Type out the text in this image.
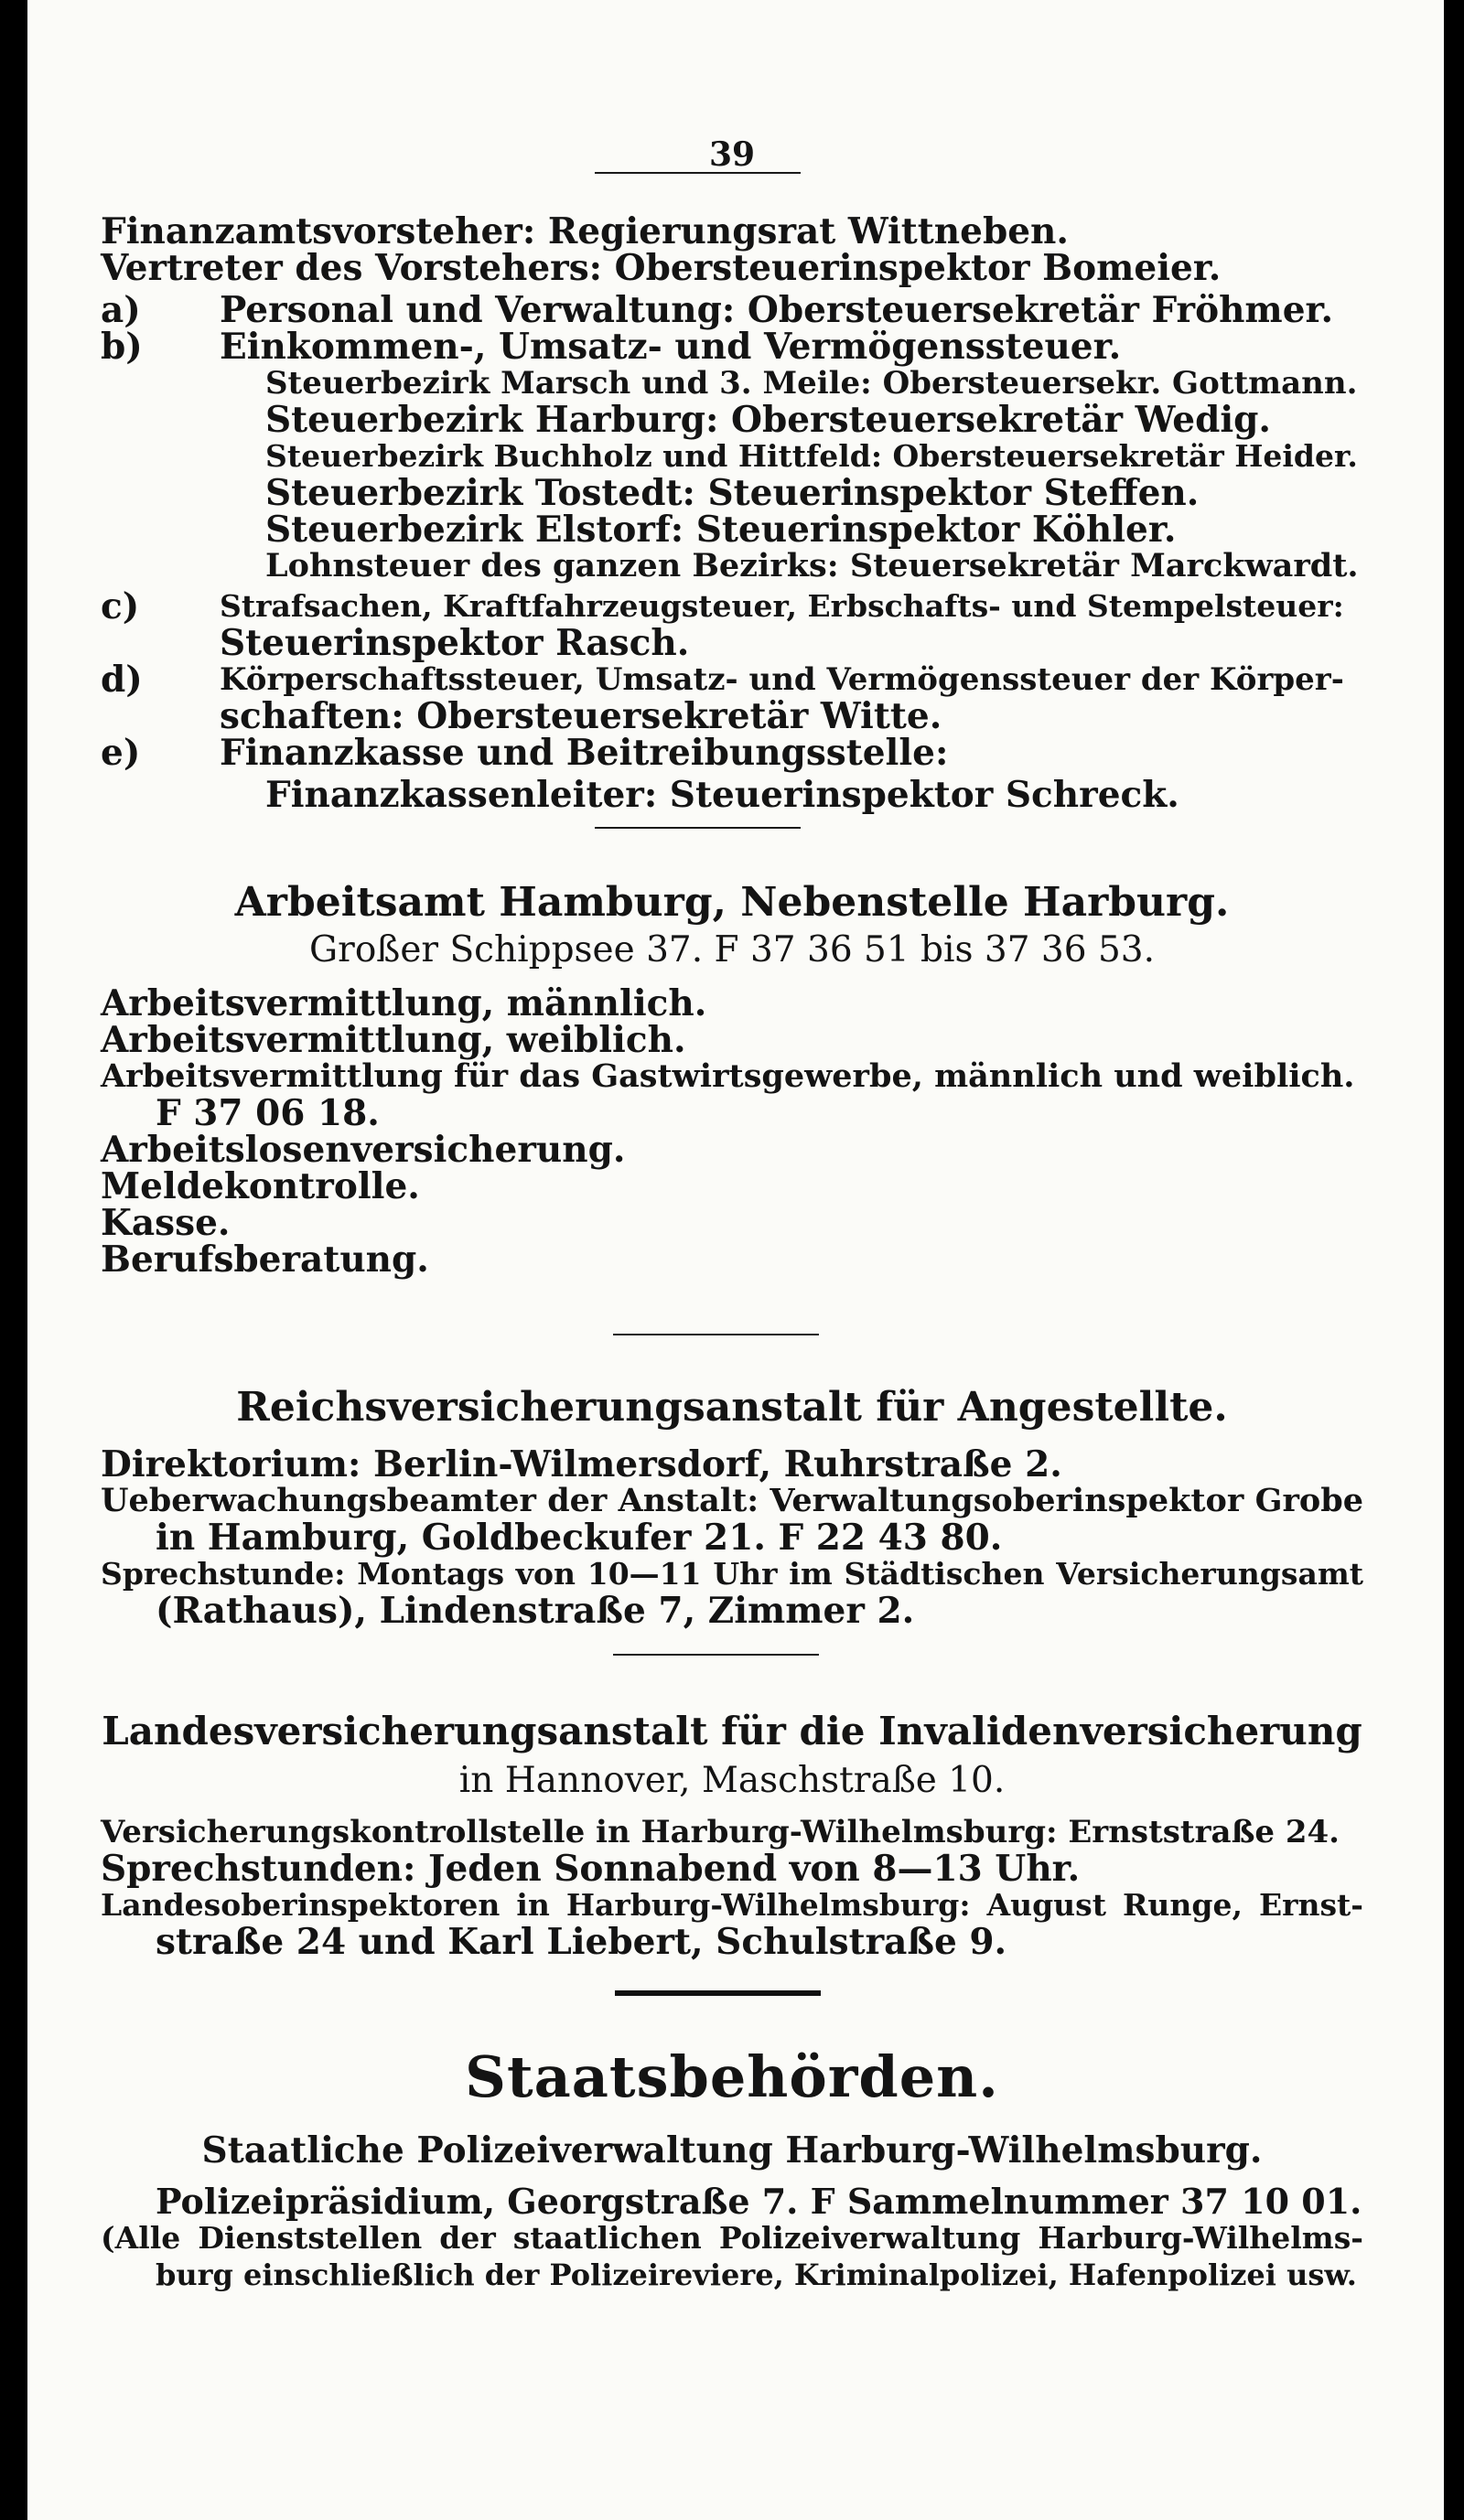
39
Finanzamtsvorsteher: Regierungsrat Wittneben.
Vertreter des Vorstehers: Obersteuerinspektor Bomeier.
a) Personal und Verwaltung: Obersteuersekretär Fröhmer.
b) Einkommen-, Umsatz- und Vermögenssteuer.
Steuerbezirk Marsch und 3. Meile: Obersteuersekr. Gottmann.
Steuerbezirk Harburg: Obersteuersekretär Wedig.
Steuerbezirk Buchholz und Hittfeld: Obersteuersekretär Heider.
Steuerbezirk Tostedt: Steuerinspektor Steffen.
Steuerbezirk Elstorf: Steuerinspektor Köhler.
Lohnsteuer des ganzen Bezirks: Steuersekretär Marckwardt.
c)	Strafsachen, Kraftfahrzeugsteuer, Erbschafts- und Stempelsteuer:
Steuerinspektor Rasch.
d) Körperschaftssteuer, Umsatz- und Vermögenssteuer der Körper-
schaften: Obersteuersekretär Witte.
e) Finanzkasse und Beitreibungsstelle:
Finanzkassenleiter: Steuerinspektor Schreck.
Arbeitsamt Hamburg, Nebenstelle Harburg.
Großer Schippsee 37. F 37 36 51 bis 37 36 53.
Arbeitsvermittlung, männlich.
Arbeitsvermittlung, weiblich.
Arbeitsvermittlung für das Gastwirtsgewerbe, männlich und weiblich.
F 37 06 18.
Arbeitslosenversicherung.
Meldekontrolle.
Kasse.
Berufsberatung.
Reichsversicherungsanstalt für Angestellte.
Direktorium: Berlin-Wilmersdorf, Ruhrstraße 2.
Ueberwachungsbeamter der Anstalt: Verwaltungsoberinspektor Grobe
in Hamburg, Goldbeckufer 21. F 22 43 80.
Sprechstunde: Montags von 10—11 Uhr im Städtischen Versicherungsamt
(Rathaus), Lindenstraße 7, Zimmer 2.
Landesversicherungsanstalt für die Invalidenversicherung
in Hannover, Maschstraße 10.
Versicherungskontrollstelle in Harburg-Wilhelmsburg: Ernststraße 24.
Sprechstunden: Jeden Sonnabend von 8—13 Uhr.
Landesoberinspektoren in Harburg-Wilhelmsburg: August Runge, Ernst-
straße 24 und Karl Liebert, Schulstraße 9.
Staatsbehörden.
Staatliche Polizeiverwaltung Harburg-Wilhelmsburg.
Polizeipräsidium, Georgstraße 7. F Sammelnummer 37 10 01.
(Alle Dienststellen der staatlichen Polizeiverwaltung Harburg-Wilhelms-
burg einschließlich der Polizeireviere, Kriminalpolizei, Hafenpolizei usw.
